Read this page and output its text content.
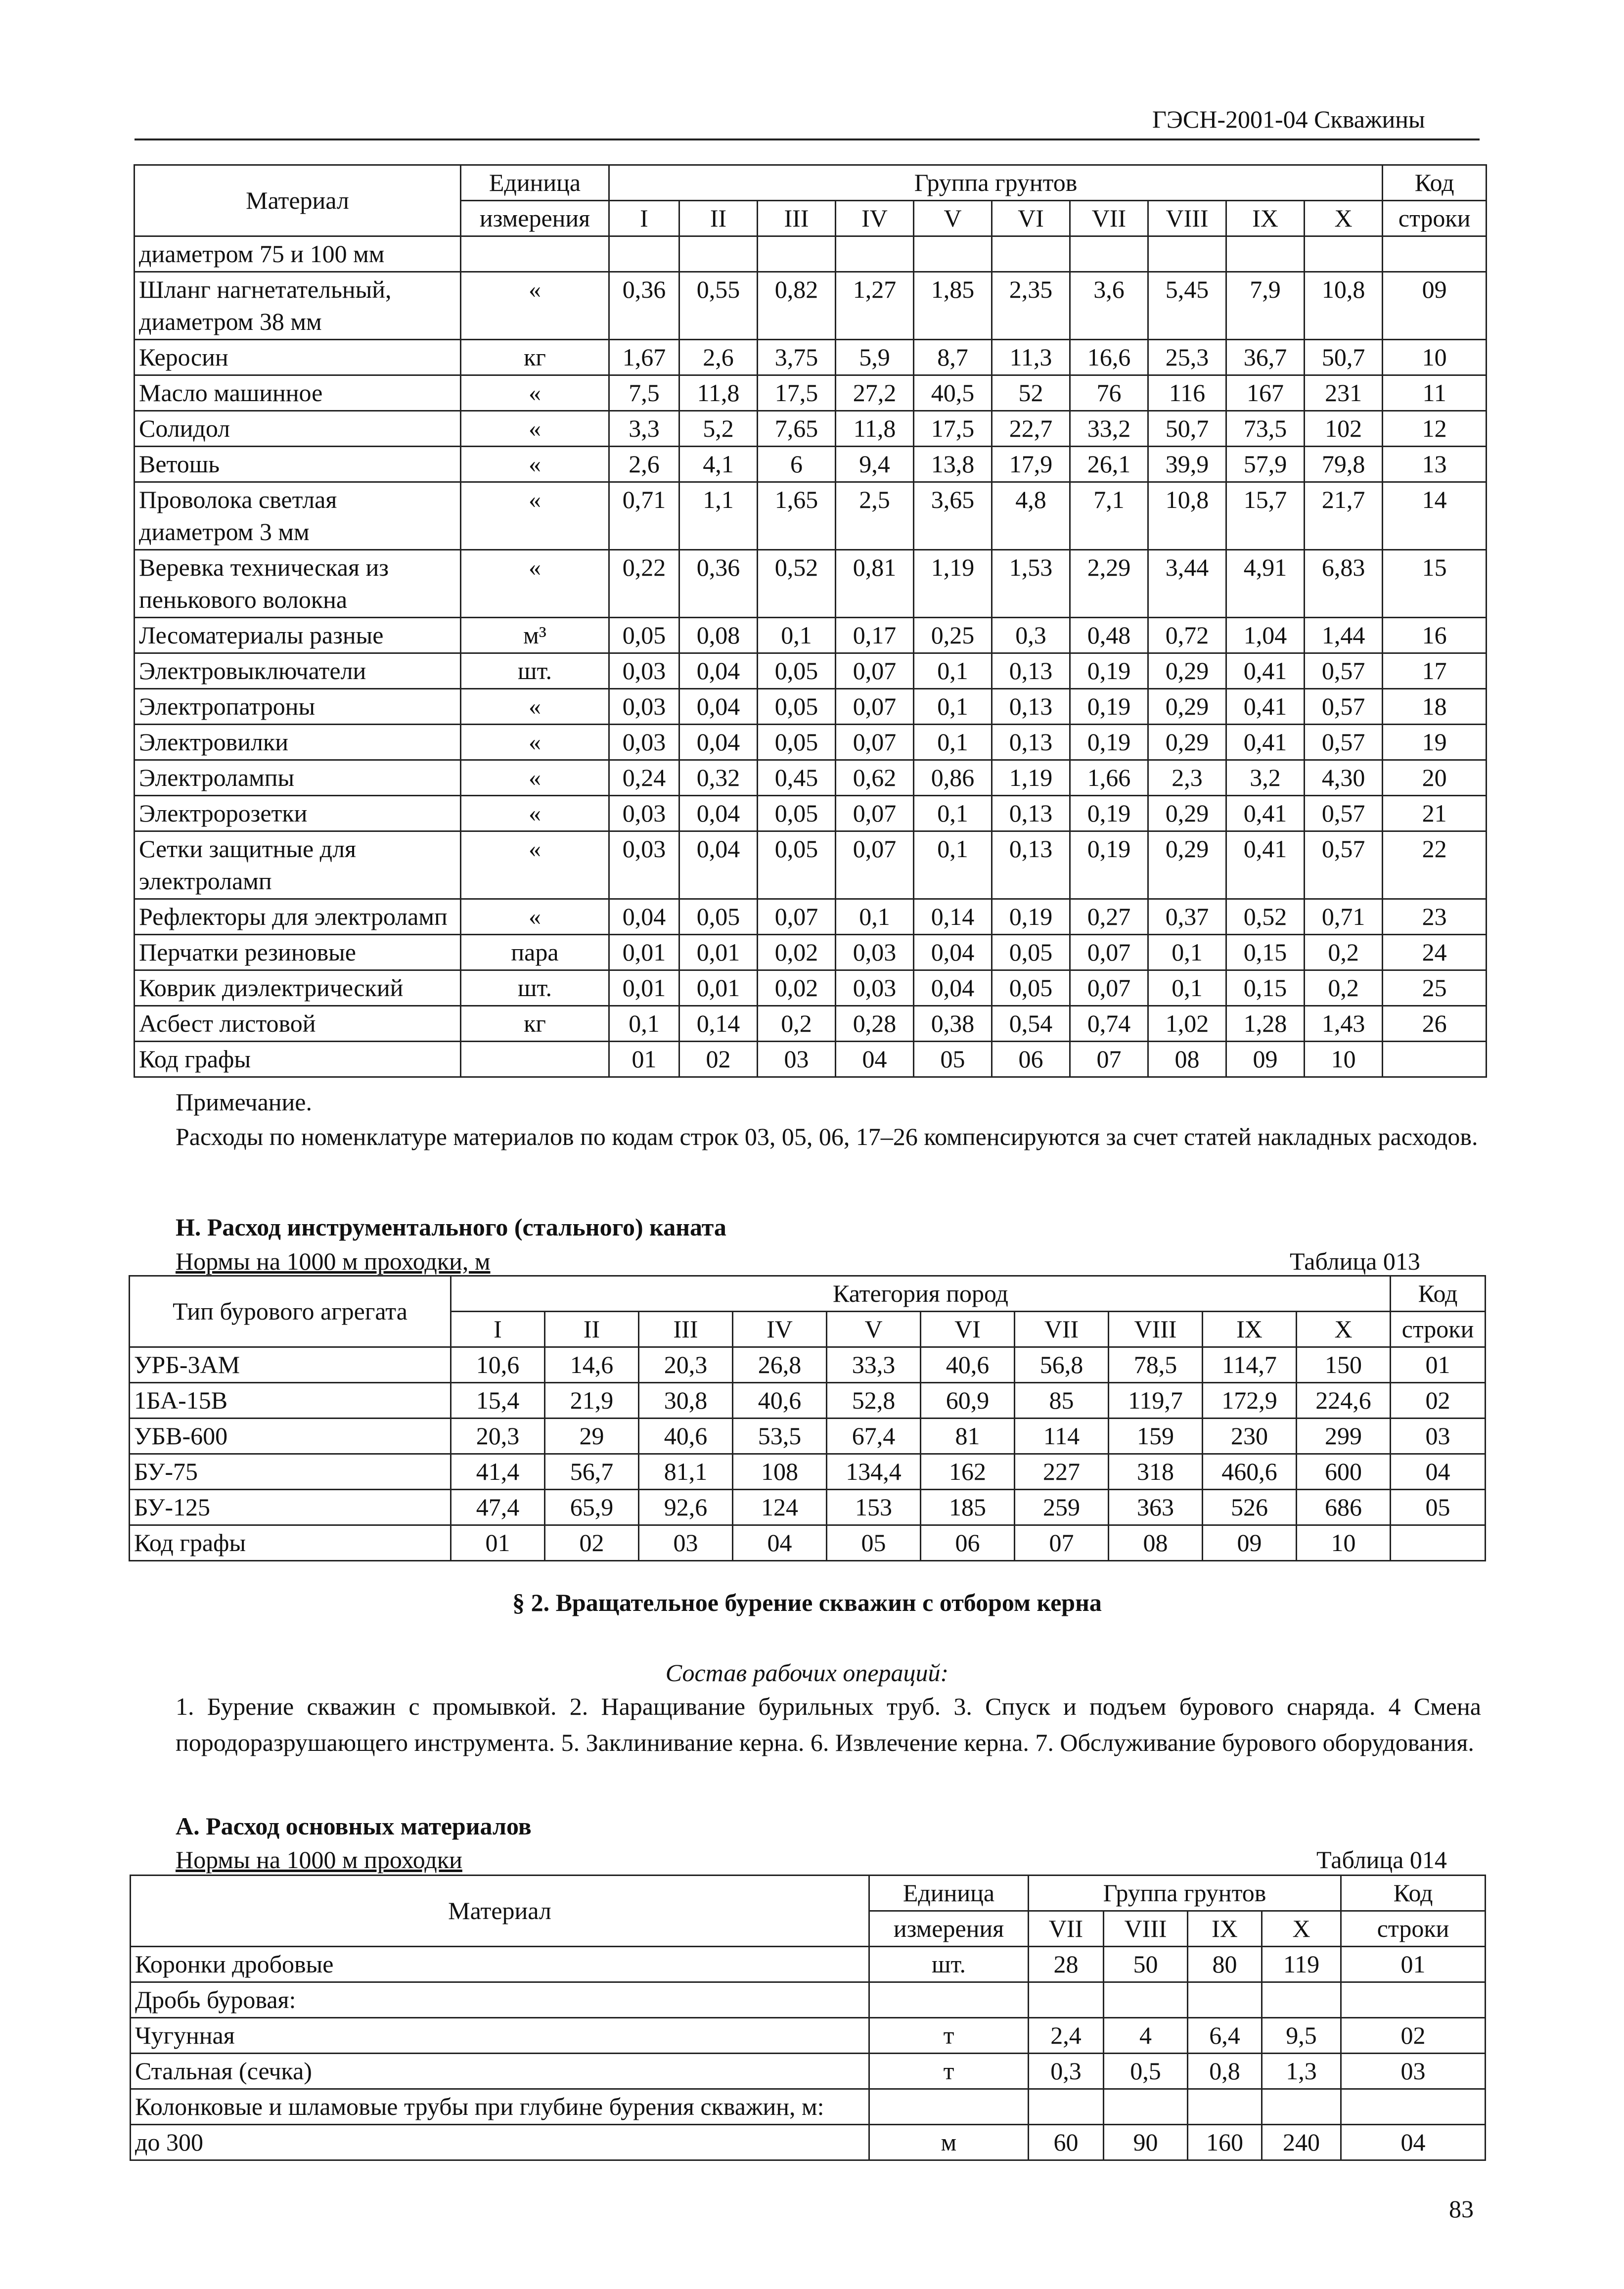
ГЭСН-2001-04 Скважины
Материал	Единица	Группа грунтов										Код
	измерения	I	II	III	IV	V	VI	VII	VIII	IX	X	строки
диаметром 75 и 100 мм												
Шланг нагнетательный, диаметром 38 мм	«	0,36	0,55	0,82	1,27	1,85	2,35	3,6	5,45	7,9	10,8	09
Керосин	кг	1,67	2,6	3,75	5,9	8,7	11,3	16,6	25,3	36,7	50,7	10
Масло машинное	«	7,5	11,8	17,5	27,2	40,5	52	76	116	167	231	11
Солидол	«	3,3	5,2	7,65	11,8	17,5	22,7	33,2	50,7	73,5	102	12
Ветошь	«	2,6	4,1	6	9,4	13,8	17,9	26,1	39,9	57,9	79,8	13
Проволока светлая диаметром 3 мм	«	0,71	1,1	1,65	2,5	3,65	4,8	7,1	10,8	15,7	21,7	14
Веревка техническая из пенькового волокна	«	0,22	0,36	0,52	0,81	1,19	1,53	2,29	3,44	4,91	6,83	15
Лесоматериалы разные	м³	0,05	0,08	0,1	0,17	0,25	0,3	0,48	0,72	1,04	1,44	16
Электровыключатели	шт.	0,03	0,04	0,05	0,07	0,1	0,13	0,19	0,29	0,41	0,57	17
Электропатроны	«	0,03	0,04	0,05	0,07	0,1	0,13	0,19	0,29	0,41	0,57	18
Электровилки	«	0,03	0,04	0,05	0,07	0,1	0,13	0,19	0,29	0,41	0,57	19
Электролампы	«	0,24	0,32	0,45	0,62	0,86	1,19	1,66	2,3	3,2	4,30	20
Электророзетки	«	0,03	0,04	0,05	0,07	0,1	0,13	0,19	0,29	0,41	0,57	21
Сетки защитные для электроламп	«	0,03	0,04	0,05	0,07	0,1	0,13	0,19	0,29	0,41	0,57	22
Рефлекторы для электроламп	«	0,04	0,05	0,07	0,1	0,14	0,19	0,27	0,37	0,52	0,71	23
Перчатки резиновые	пара	0,01	0,01	0,02	0,03	0,04	0,05	0,07	0,1	0,15	0,2	24
Коврик диэлектрический	шт.	0,01	0,01	0,02	0,03	0,04	0,05	0,07	0,1	0,15	0,2	25
Асбест листовой	кг	0,1	0,14	0,2	0,28	0,38	0,54	0,74	1,02	1,28	1,43	26
Код графы		01	02	03	04	05	06	07	08	09	10	
Примечание.
Расходы по номенклатуре материалов по кодам строк 03, 05, 06, 17–26 компенсируются за счет статей накладных расходов.
Н. Расход инструментального (стального) каната
Нормы на 1000 м проходки, м	Таблица 013
Тип бурового агрегата	Категория пород										Код
	I	II	III	IV	V	VI	VII	VIII	IX	X	строки
УРБ-3АМ	10,6	14,6	20,3	26,8	33,3	40,6	56,8	78,5	114,7	150	01
1БА-15В	15,4	21,9	30,8	40,6	52,8	60,9	85	119,7	172,9	224,6	02
УБВ-600	20,3	29	40,6	53,5	67,4	81	114	159	230	299	03
БУ-75	41,4	56,7	81,1	108	134,4	162	227	318	460,6	600	04
БУ-125	47,4	65,9	92,6	124	153	185	259	363	526	686	05
Код графы	01	02	03	04	05	06	07	08	09	10	
§ 2. Вращательное бурение скважин с отбором керна
Состав рабочих операций:
1. Бурение скважин с промывкой. 2. Наращивание бурильных труб. 3. Спуск и подъем бурового снаряда. 4 Смена породоразрушающего инструмента. 5. Заклинивание керна. 6. Извлечение керна. 7. Обслуживание бурового оборудования.
А. Расход основных материалов
Нормы на 1000 м проходки	Таблица 014
Материал	Единица	Группа грунтов				Код
	измерения	VII	VIII	IX	X	строки
Коронки дробовые	шт.	28	50	80	119	01
Дробь буровая:						
Чугунная	т	2,4	4	6,4	9,5	02
Стальная (сечка)	т	0,3	0,5	0,8	1,3	03
Колонковые и шламовые трубы при глубине бурения скважин, м:						
до 300	м	60	90	160	240	04
83
